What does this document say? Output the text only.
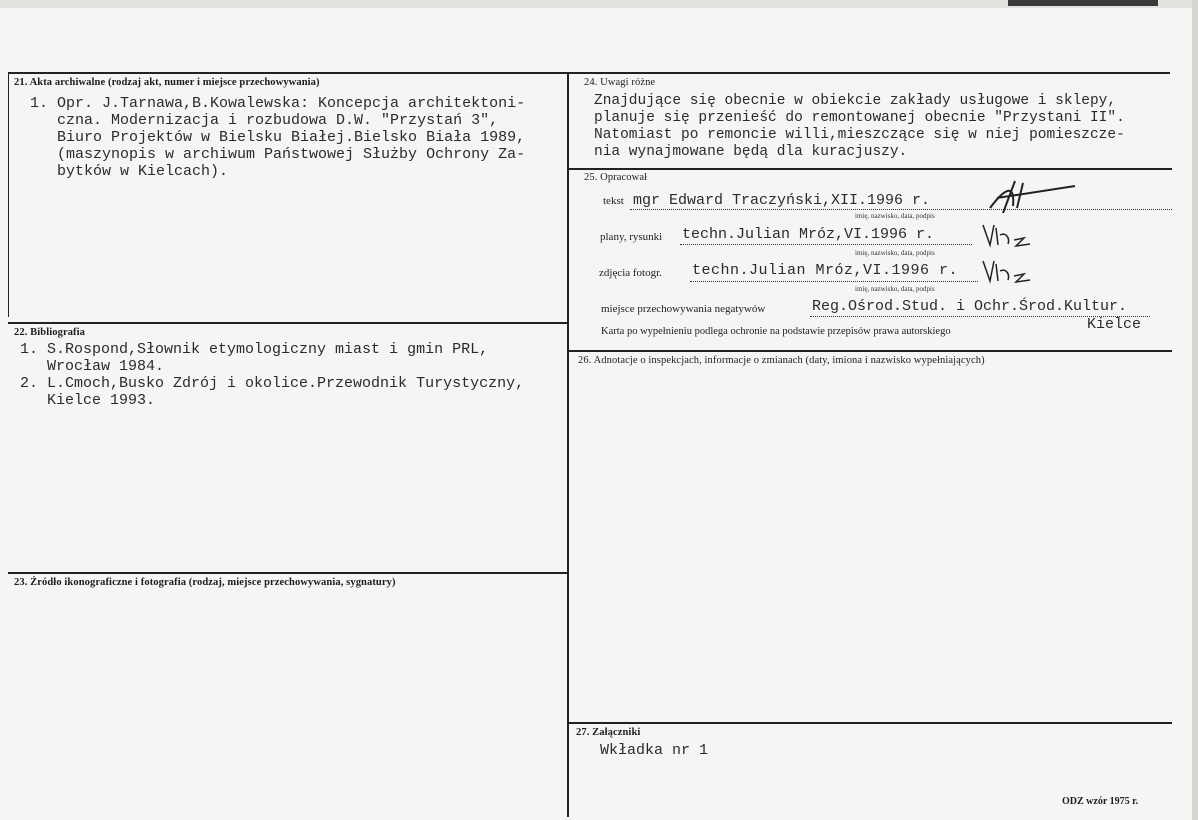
21. Akta archiwalne (rodzaj akt, numer i miejsce przechowywania)
1. Opr. J.Tarnawa,B.Kowalewska: Koncepcja architektoni-
czna. Modernizacja i rozbudowa D.W. "Przystań 3",
Biuro Projektów w Bielsku Białej.Bielsko Biała 1989,
(maszynopis w archiwum Państwowej Służby Ochrony Za-
bytków w Kielcach).
22. Bibliografia
1. S.Rospond,Słownik etymologiczny miast i gmin PRL,
Wrocław 1984.
2. L.Cmoch,Busko Zdrój i okolice.Przewodnik Turystyczny,
Kielce 1993.
23. Źródło ikonograficzne i fotografia (rodzaj, miejsce przechowywania, sygnatury)
24. Uwagi różne
Znajdujące się obecnie w obiekcie zakłady usługowe i sklepy,
planuje się przenieść do remontowanej obecnie "Przystani II".
Natomiast po remoncie willi,mieszczące się w niej pomieszcze-
nia wynajmowane będą dla kuracjuszy.
25. Opracował
tekst mgr Edward Traczyński,XII.1996 r.
imię, nazwisko, data, podpis
plany, rysunki techn.Julian Mróz,VI.1996 r.
imię, nazwisko, data, podpis
zdjęcia fotogr. techn.Julian Mróz,VI.1996 r.
imię, nazwisko, data, podpis
miejsce przechowywania negatywów	Reg.Ośrod.Stud. i Ochr.Środ.Kultur.
Kielce
Karta po wypełnieniu podlega ochronie na podstawie przepisów prawa autorskiego
26. Adnotacje o inspekcjach, informacje o zmianach (daty, imiona i nazwisko wypełniających)
27. Załączniki
Wkładka nr 1
ODZ wzór 1975 r.
